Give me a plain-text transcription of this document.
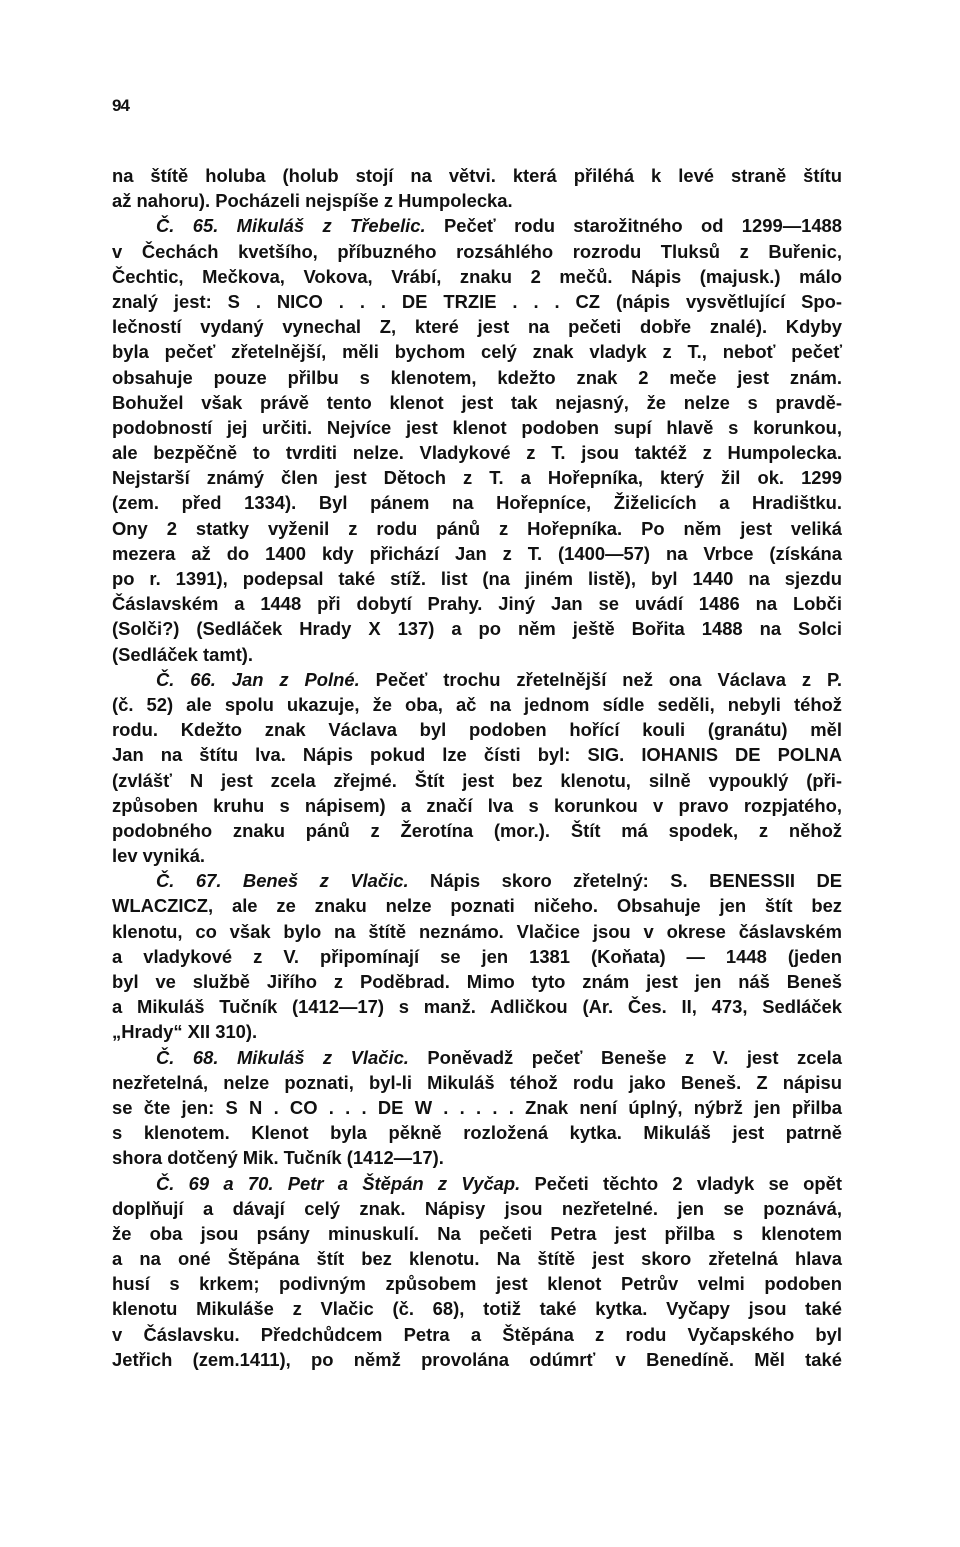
94
na štítě holuba (holub stojí na větvi. která přiléhá k levé straně štítu
až nahoru). Pocházeli nejspíše z Humpolecka.
Č. 65. Mikuláš z Třebelic. Pečeť rodu starožitného od 1299—1488
v Čechách kvetšího, příbuzného rozsáhlého rozrodu Tluksů z Buřenic,
Čechtic, Mečkova, Vokova, Vrábí, znaku 2 mečů. Nápis (majusk.) málo
znalý jest: S . NICO . . . DE TRZIE . . . CZ (nápis vysvětlující Spo-
lečností vydaný vynechal Z, které jest na pečeti dobře znalé). Kdyby
byla pečeť zřetelnější, měli bychom celý znak vladyk z T., neboť pečeť
obsahuje pouze přilbu s klenotem, kdežto znak 2 meče jest znám.
Bohužel však právě tento klenot jest tak nejasný, že nelze s pravdě-
podobností jej určiti. Nejvíce jest klenot podoben supí hlavě s korunkou,
ale bezpěčně to tvrditi nelze. Vladykové z T. jsou taktéž z Humpolecka.
Nejstarší známý člen jest Dětoch z T. a Hořepníka, který žil ok. 1299
(zem. před 1334). Byl pánem na Hořepníce, Žiželicích a Hradištku.
Ony 2 statky vyženil z rodu pánů z Hořepníka. Po něm jest veliká
mezera až do 1400 kdy přichází Jan z T. (1400—57) na Vrbce (získána
po r. 1391), podepsal také stíž. list (na jiném listě), byl 1440 na sjezdu
Čáslavském a 1448 při dobytí Prahy. Jiný Jan se uvádí 1486 na Lobči
(Solči?) (Sedláček Hrady X 137) a po něm ještě Bořita 1488 na Solci
(Sedláček tamt).
Č. 66. Jan z Polné. Pečeť trochu zřetelnější než ona Václava z P.
(č. 52) ale spolu ukazuje, že oba, ač na jednom sídle seděli, nebyli téhož
rodu. Kdežto znak Václava byl podoben hořící kouli (granátu) měl
Jan na štítu lva. Nápis pokud lze čísti byl: SIG. IOHANIS DE POLNA
(zvlášť N jest zcela zřejmé. Štít jest bez klenotu, silně vypouklý (při-
způsoben kruhu s nápisem) a značí lva s korunkou v pravo rozpjatého,
podobného znaku pánů z Žerotína (mor.). Štít má spodek, z něhož
lev vyniká.
Č. 67. Beneš z Vlačic. Nápis skoro zřetelný: S. BENESSII DE
WLACZICZ, ale ze znaku nelze poznati ničeho. Obsahuje jen štít bez
klenotu, co však bylo na štítě neznámo. Vlačice jsou v okrese čáslavském
a vladykové z V. připomínají se jen 1381 (Koňata) — 1448 (jeden
byl ve službě Jiřího z Poděbrad. Mimo tyto znám jest jen náš Beneš
a Mikuláš Tučník (1412—17) s manž. Adličkou (Ar. Čes. II, 473, Sedláček
„Hrady“ XII 310).
Č. 68. Mikuláš z Vlačic. Poněvadž pečeť Beneše z V. jest zcela
nezřetelná, nelze poznati, byl-li Mikuláš téhož rodu jako Beneš. Z nápisu
se čte jen: S N . CO . . . DE W . . . . . Znak není úplný, nýbrž jen přilba
s klenotem. Klenot byla pěkně rozložená kytka. Mikuláš jest patrně
shora dotčený Mik. Tučník (1412—17).
Č. 69 a 70. Petr a Štěpán z Vyčap. Pečeti těchto 2 vladyk se opět
doplňují a dávají celý znak. Nápisy jsou nezřetelné. jen se poznává,
že oba jsou psány minuskulí. Na pečeti Petra jest přilba s klenotem
a na oné Štěpána štít bez klenotu. Na štítě jest skoro zřetelná hlava
husí s krkem; podivným způsobem jest klenot Petrův velmi podoben
klenotu Mikuláše z Vlačic (č. 68), totiž také kytka. Vyčapy jsou také
v Čáslavsku. Předchůdcem Petra a Štěpána z rodu Vyčapského byl
Jetřich (zem.1411), po němž provolána odúmrť v Benedíně. Měl také
